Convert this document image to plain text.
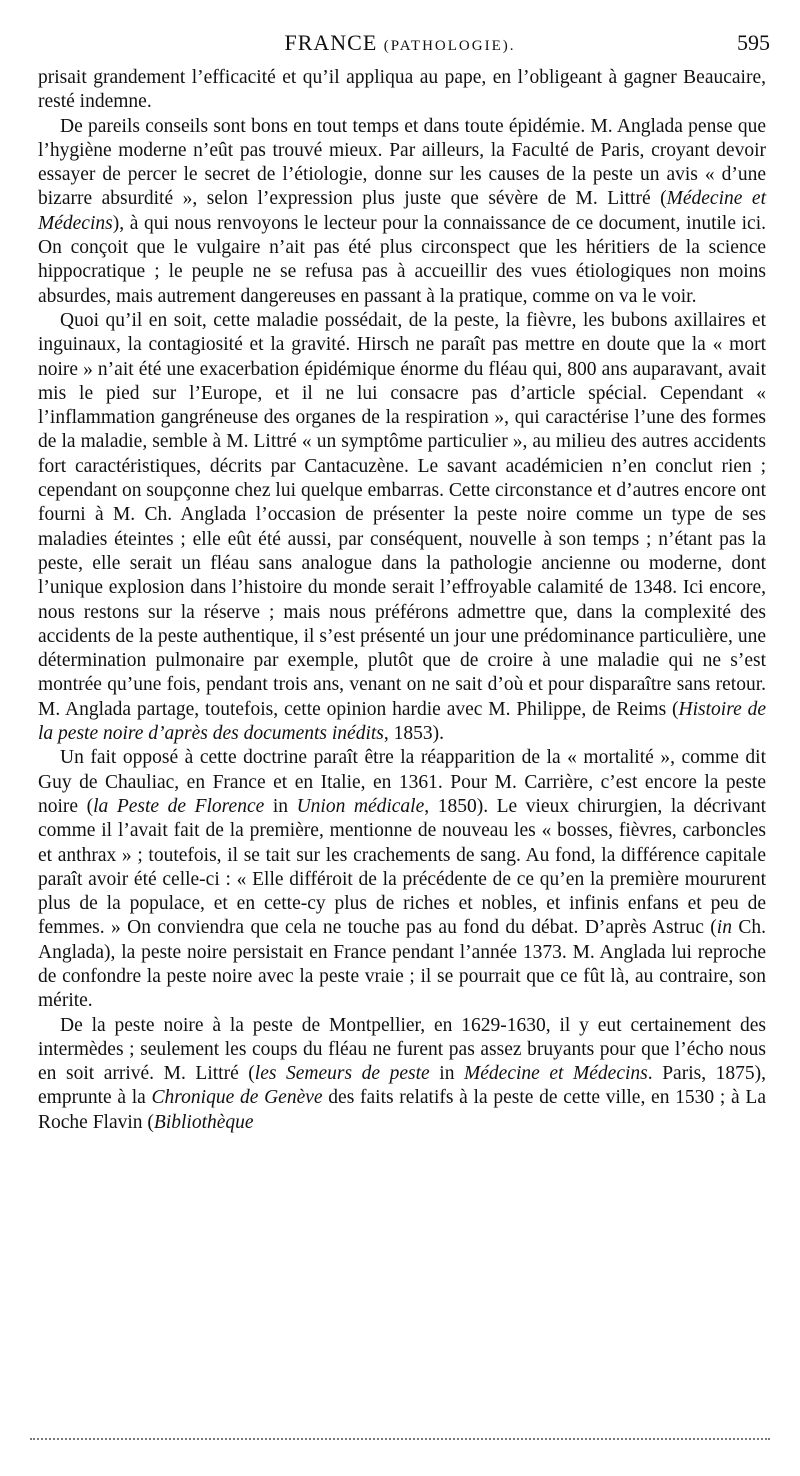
FRANCE (PATHOLOGIE).	595

prisait grandement l’efficacité et qu’il appliqua au pape, en l’obligeant à gagner Beaucaire, resté indemne.

De pareils conseils sont bons en tout temps et dans toute épidémie. M. Anglada pense que l’hygiène moderne n’eût pas trouvé mieux. Par ailleurs, la Faculté de Paris, croyant devoir essayer de percer le secret de l’étiologie, donne sur les causes de la peste un avis « d’une bizarre absurdité », selon l’expression plus juste que sévère de M. Littré (Médecine et Médecins), à qui nous renvoyons le lecteur pour la connaissance de ce document, inutile ici. On conçoit que le vulgaire n’ait pas été plus circonspect que les héritiers de la science hippocratique ; le peuple ne se refusa pas à accueillir des vues étiologiques non moins absurdes, mais autrement dangereuses en passant à la pratique, comme on va le voir.

Quoi qu’il en soit, cette maladie possédait, de la peste, la fièvre, les bubons axillaires et inguinaux, la contagiosité et la gravité. Hirsch ne paraît pas mettre en doute que la « mort noire » n’ait été une exacerbation épidémique énorme du fléau qui, 800 ans auparavant, avait mis le pied sur l’Europe, et il ne lui consacre pas d’article spécial. Cependant « l’inflammation gangréneuse des organes de la respiration », qui caractérise l’une des formes de la maladie, semble à M. Littré « un symptôme particulier », au milieu des autres accidents fort caractéristiques, décrits par Cantacuzène. Le savant académicien n’en conclut rien ; cependant on soupçonne chez lui quelque embarras. Cette circonstance et d’autres encore ont fourni à M. Ch. Anglada l’occasion de présenter la peste noire comme un type de ses maladies éteintes ; elle eût été aussi, par conséquent, nouvelle à son temps ; n’étant pas la peste, elle serait un fléau sans analogue dans la pathologie ancienne ou moderne, dont l’unique explosion dans l’histoire du monde serait l’effroyable calamité de 1348. Ici encore, nous restons sur la réserve ; mais nous préférons admettre que, dans la complexité des accidents de la peste authentique, il s’est présenté un jour une prédominance particulière, une détermination pulmonaire par exemple, plutôt que de croire à une maladie qui ne s’est montrée qu’une fois, pendant trois ans, venant on ne sait d’où et pour disparaître sans retour. M. Anglada partage, toutefois, cette opinion hardie avec M. Philippe, de Reims (Histoire de la peste noire d’après des documents inédits, 1853).

Un fait opposé à cette doctrine paraît être la réapparition de la « mortalité », comme dit Guy de Chauliac, en France et en Italie, en 1361. Pour M. Carrière, c’est encore la peste noire (la Peste de Florence in Union médicale, 1850). Le vieux chirurgien, la décrivant comme il l’avait fait de la première, mentionne de nouveau les « bosses, fièvres, carboncles et anthrax » ; toutefois, il se tait sur les crachements de sang. Au fond, la différence capitale paraît avoir été celle-ci : « Elle différoit de la précédente de ce qu’en la première moururent plus de la populace, et en cette-cy plus de riches et nobles, et infinis enfans et peu de femmes. » On conviendra que cela ne touche pas au fond du débat. D’après Astruc (in Ch. Anglada), la peste noire persistait en France pendant l’année 1373. M. Anglada lui reproche de confondre la peste noire avec la peste vraie ; il se pourrait que ce fût là, au contraire, son mérite.

De la peste noire à la peste de Montpellier, en 1629-1630, il y eut certainement des intermèdes ; seulement les coups du fléau ne furent pas assez bruyants pour que l’écho nous en soit arrivé. M. Littré (les Semeurs de peste in Médecine et Médecins. Paris, 1875), emprunte à la Chronique de Genève des faits relatifs à la peste de cette ville, en 1530 ; à La Roche Flavin (Bibliothèque
